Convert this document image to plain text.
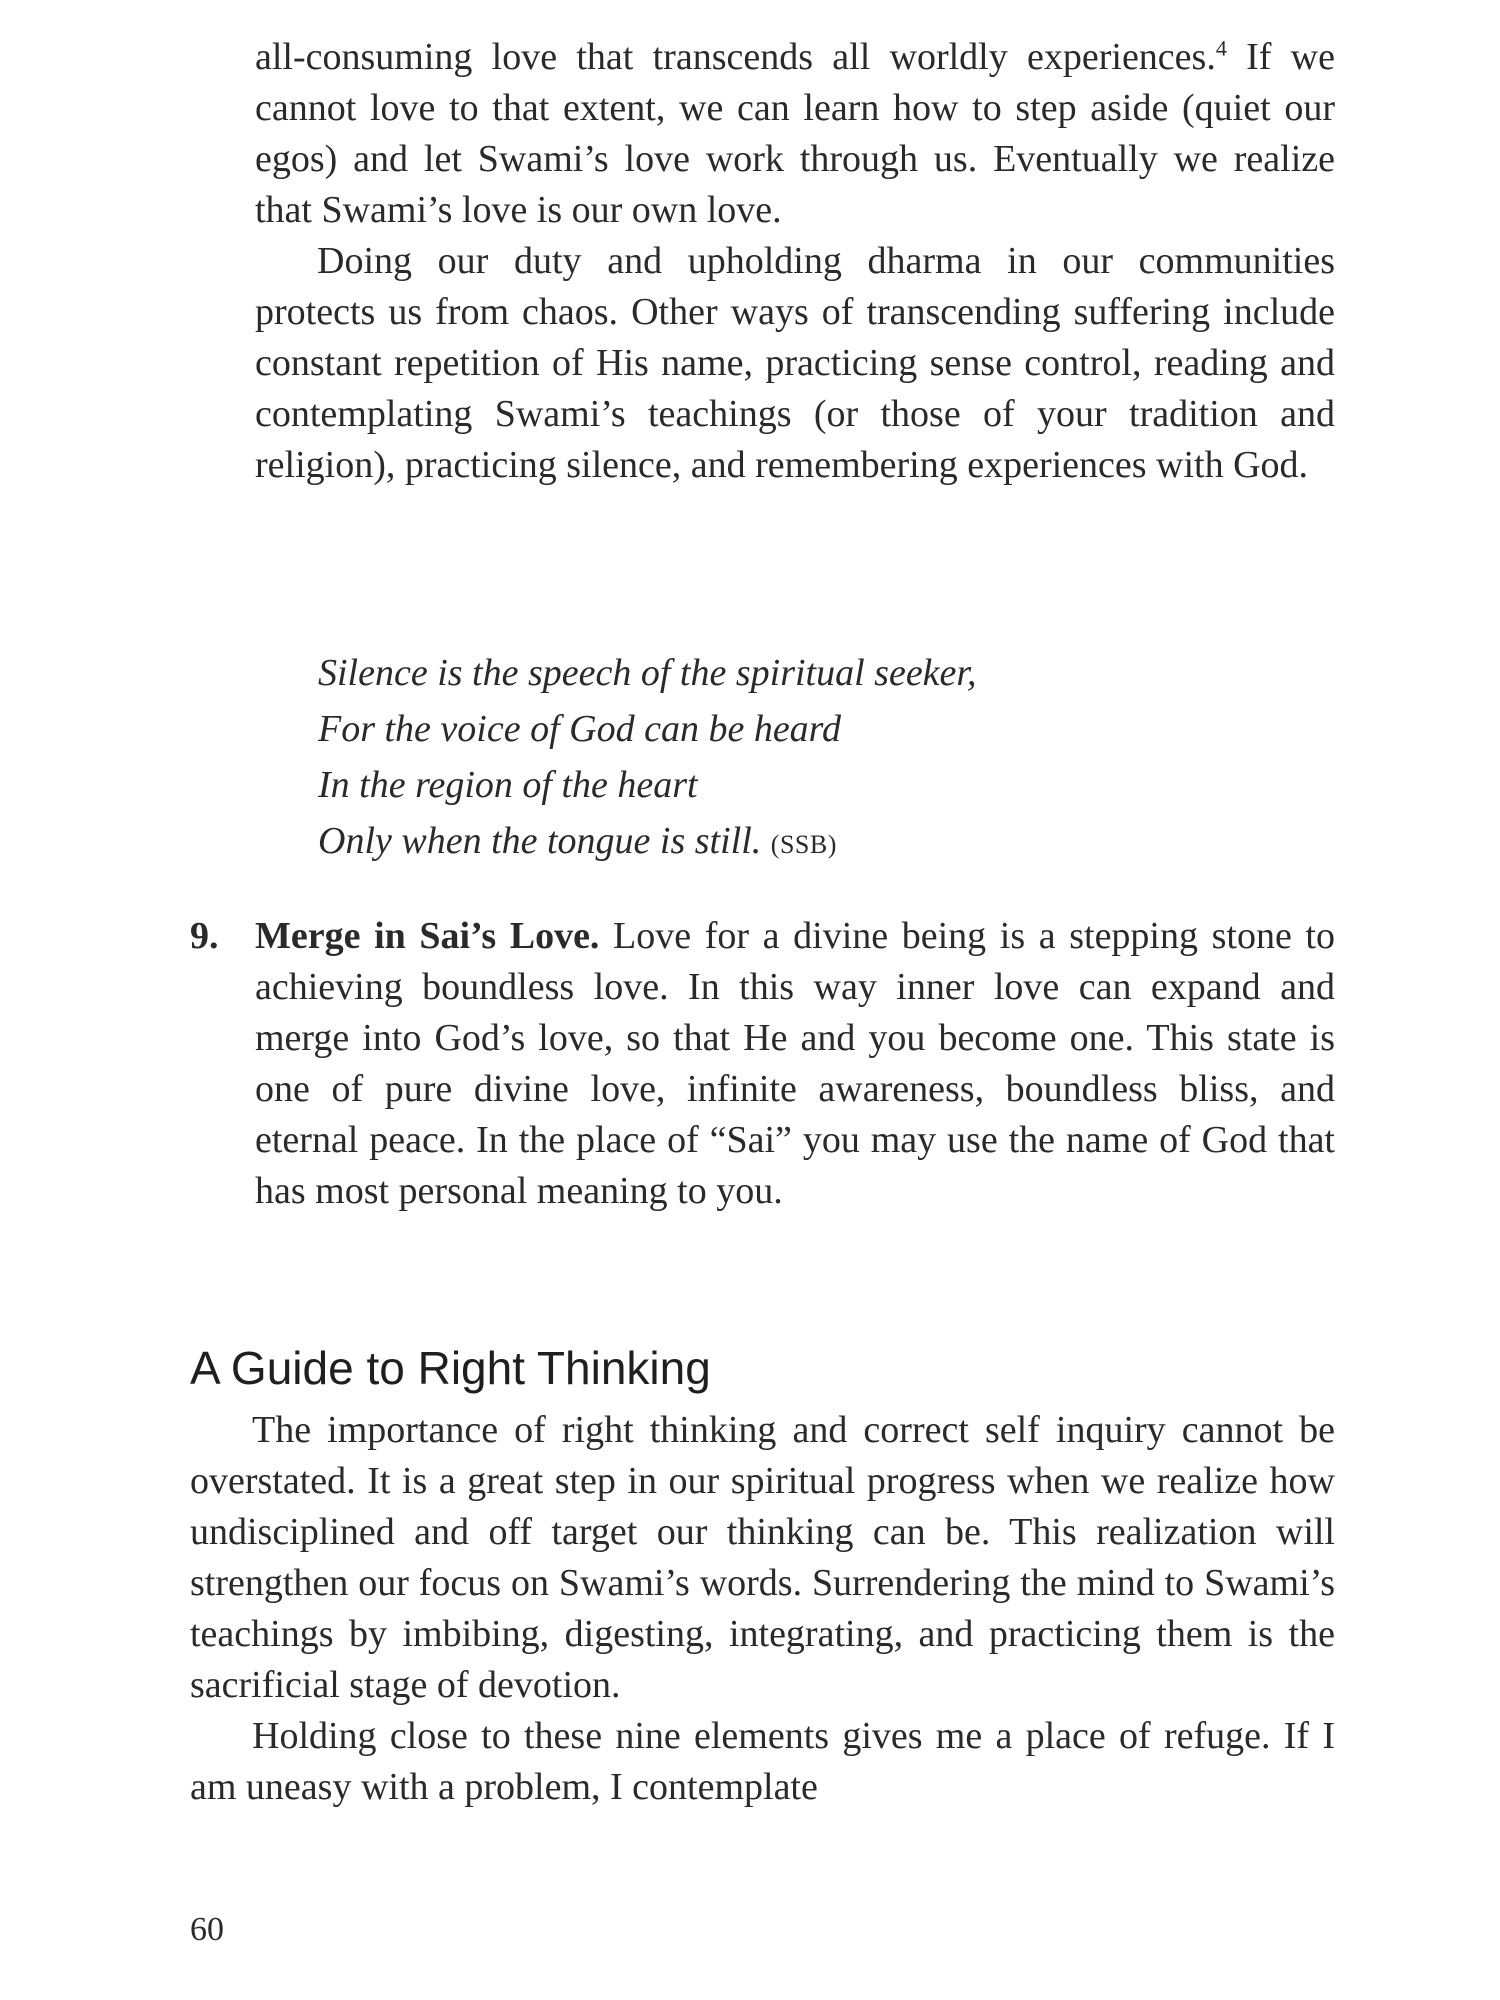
all-consuming love that transcends all worldly experiences.$^4$ If we cannot love to that extent, we can learn how to step aside (quiet our egos) and let Swami’s love work through us. Eventually we realize that Swami’s love is our own love.

Doing our duty and upholding dharma in our communities protects us from chaos. Other ways of transcending suffering include constant repetition of His name, practicing sense control, reading and contemplating Swami’s teachings (or those of your tradition and religion), practicing silence, and remembering experiences with God.

Silence is the speech of the spiritual seeker,
For the voice of God can be heard
In the region of the heart
Only when the tongue is still. (SSB)
9. Merge in Sai’s Love. Love for a divine being is a stepping stone to achieving boundless love. In this way inner love can expand and merge into God’s love, so that He and you become one. This state is one of pure divine love, infinite awareness, boundless bliss, and eternal peace. In the place of “Sai” you may use the name of God that has most personal meaning to you.

A Guide to Right Thinking

The importance of right thinking and correct self inquiry cannot be overstated. It is a great step in our spiritual progress when we realize how undisciplined and off target our thinking can be. This realization will strengthen our focus on Swami’s words. Surrendering the mind to Swami’s teachings by imbibing, digesting, integrating, and practicing them is the sacrificial stage of devotion.

Holding close to these nine elements gives me a place of refuge. If I am uneasy with a problem, I contemplate

60
